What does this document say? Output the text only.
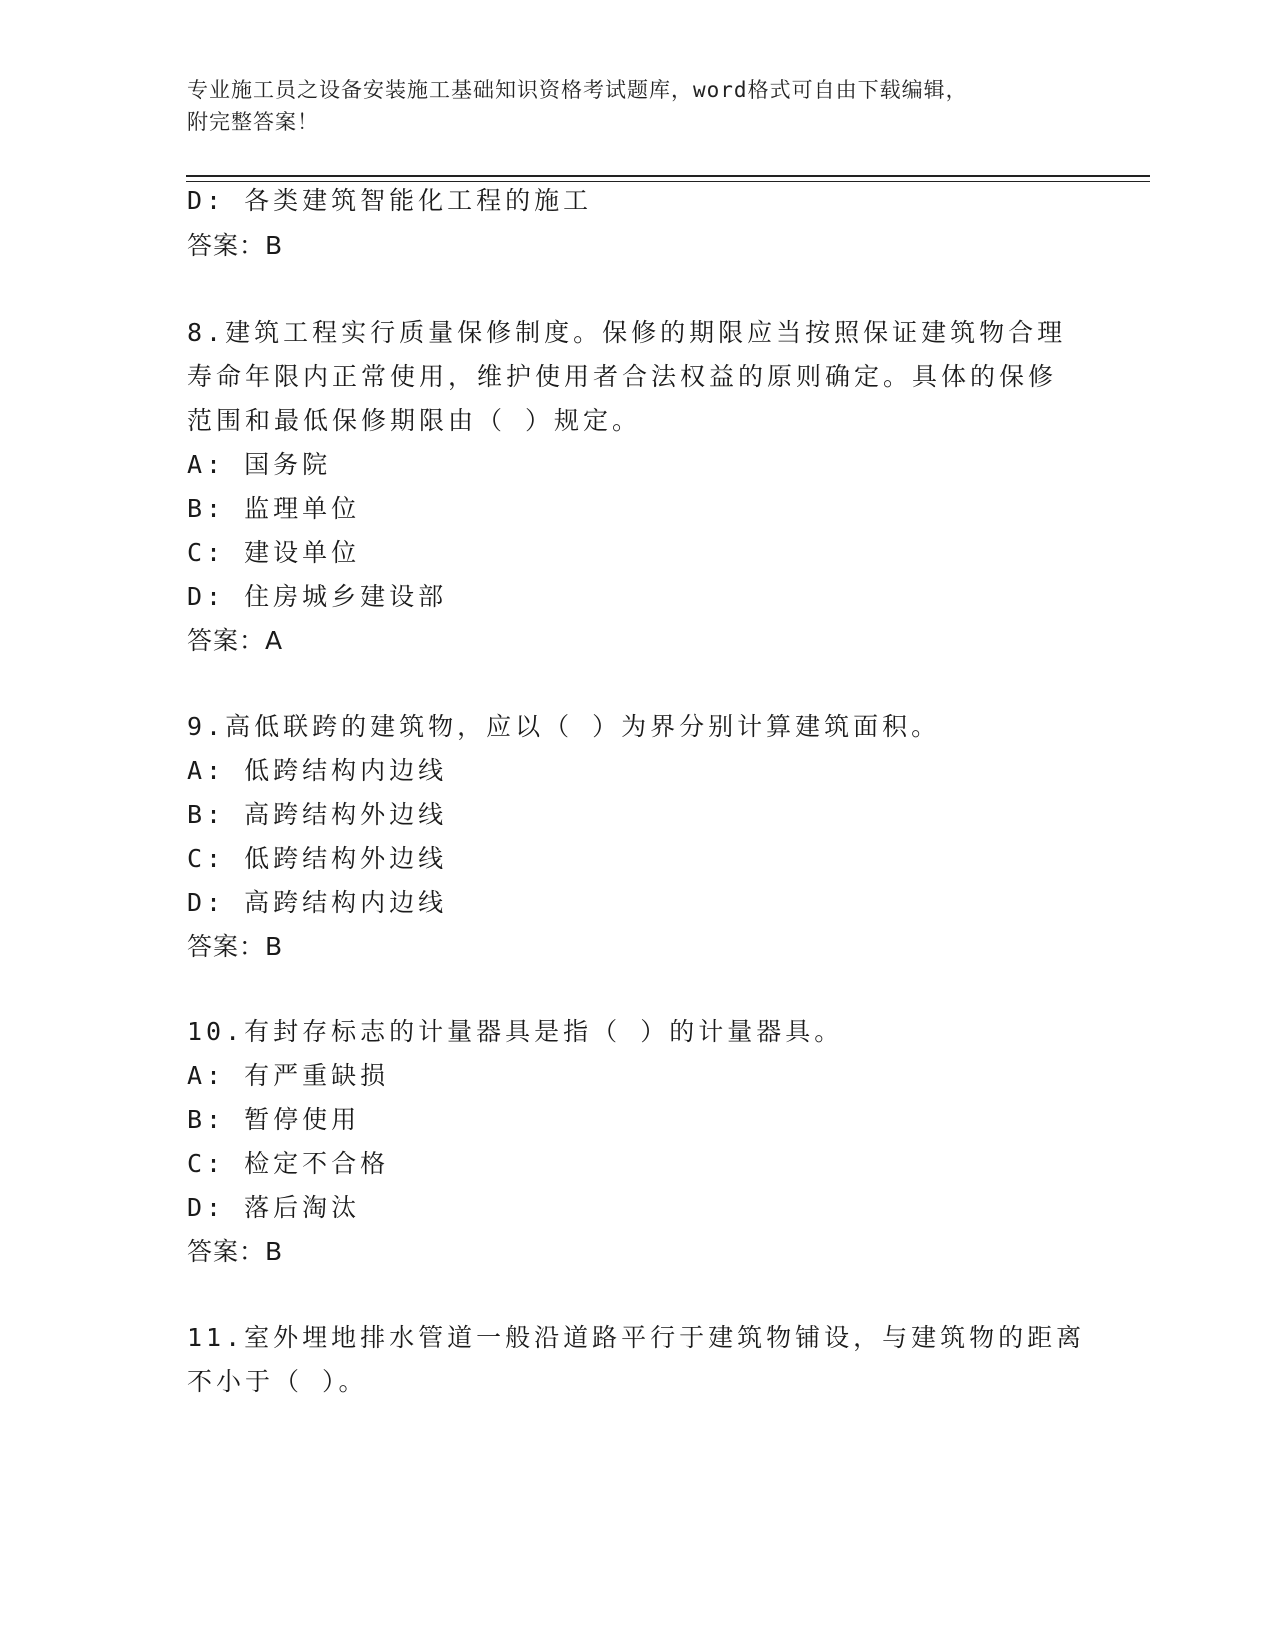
专业施工员之设备安装施工基础知识资格考试题库，word格式可自由下载编辑，
附完整答案！
D: 各类建筑智能化工程的施工
答案：B
8.建筑工程实行质量保修制度。保修的期限应当按照保证建筑物合理
寿命年限内正常使用，维护使用者合法权益的原则确定。具体的保修
范围和最低保修期限由（ ）规定。
A: 国务院
B: 监理单位
C: 建设单位
D: 住房城乡建设部
答案：A
9.高低联跨的建筑物，应以（ ）为界分别计算建筑面积。
A: 低跨结构内边线
B: 高跨结构外边线
C: 低跨结构外边线
D: 高跨结构内边线
答案：B
10.有封存标志的计量器具是指（ ）的计量器具。
A: 有严重缺损
B: 暂停使用
C: 检定不合格
D: 落后淘汰
答案：B
11.室外埋地排水管道一般沿道路平行于建筑物铺设，与建筑物的距离
不小于（ ）。
